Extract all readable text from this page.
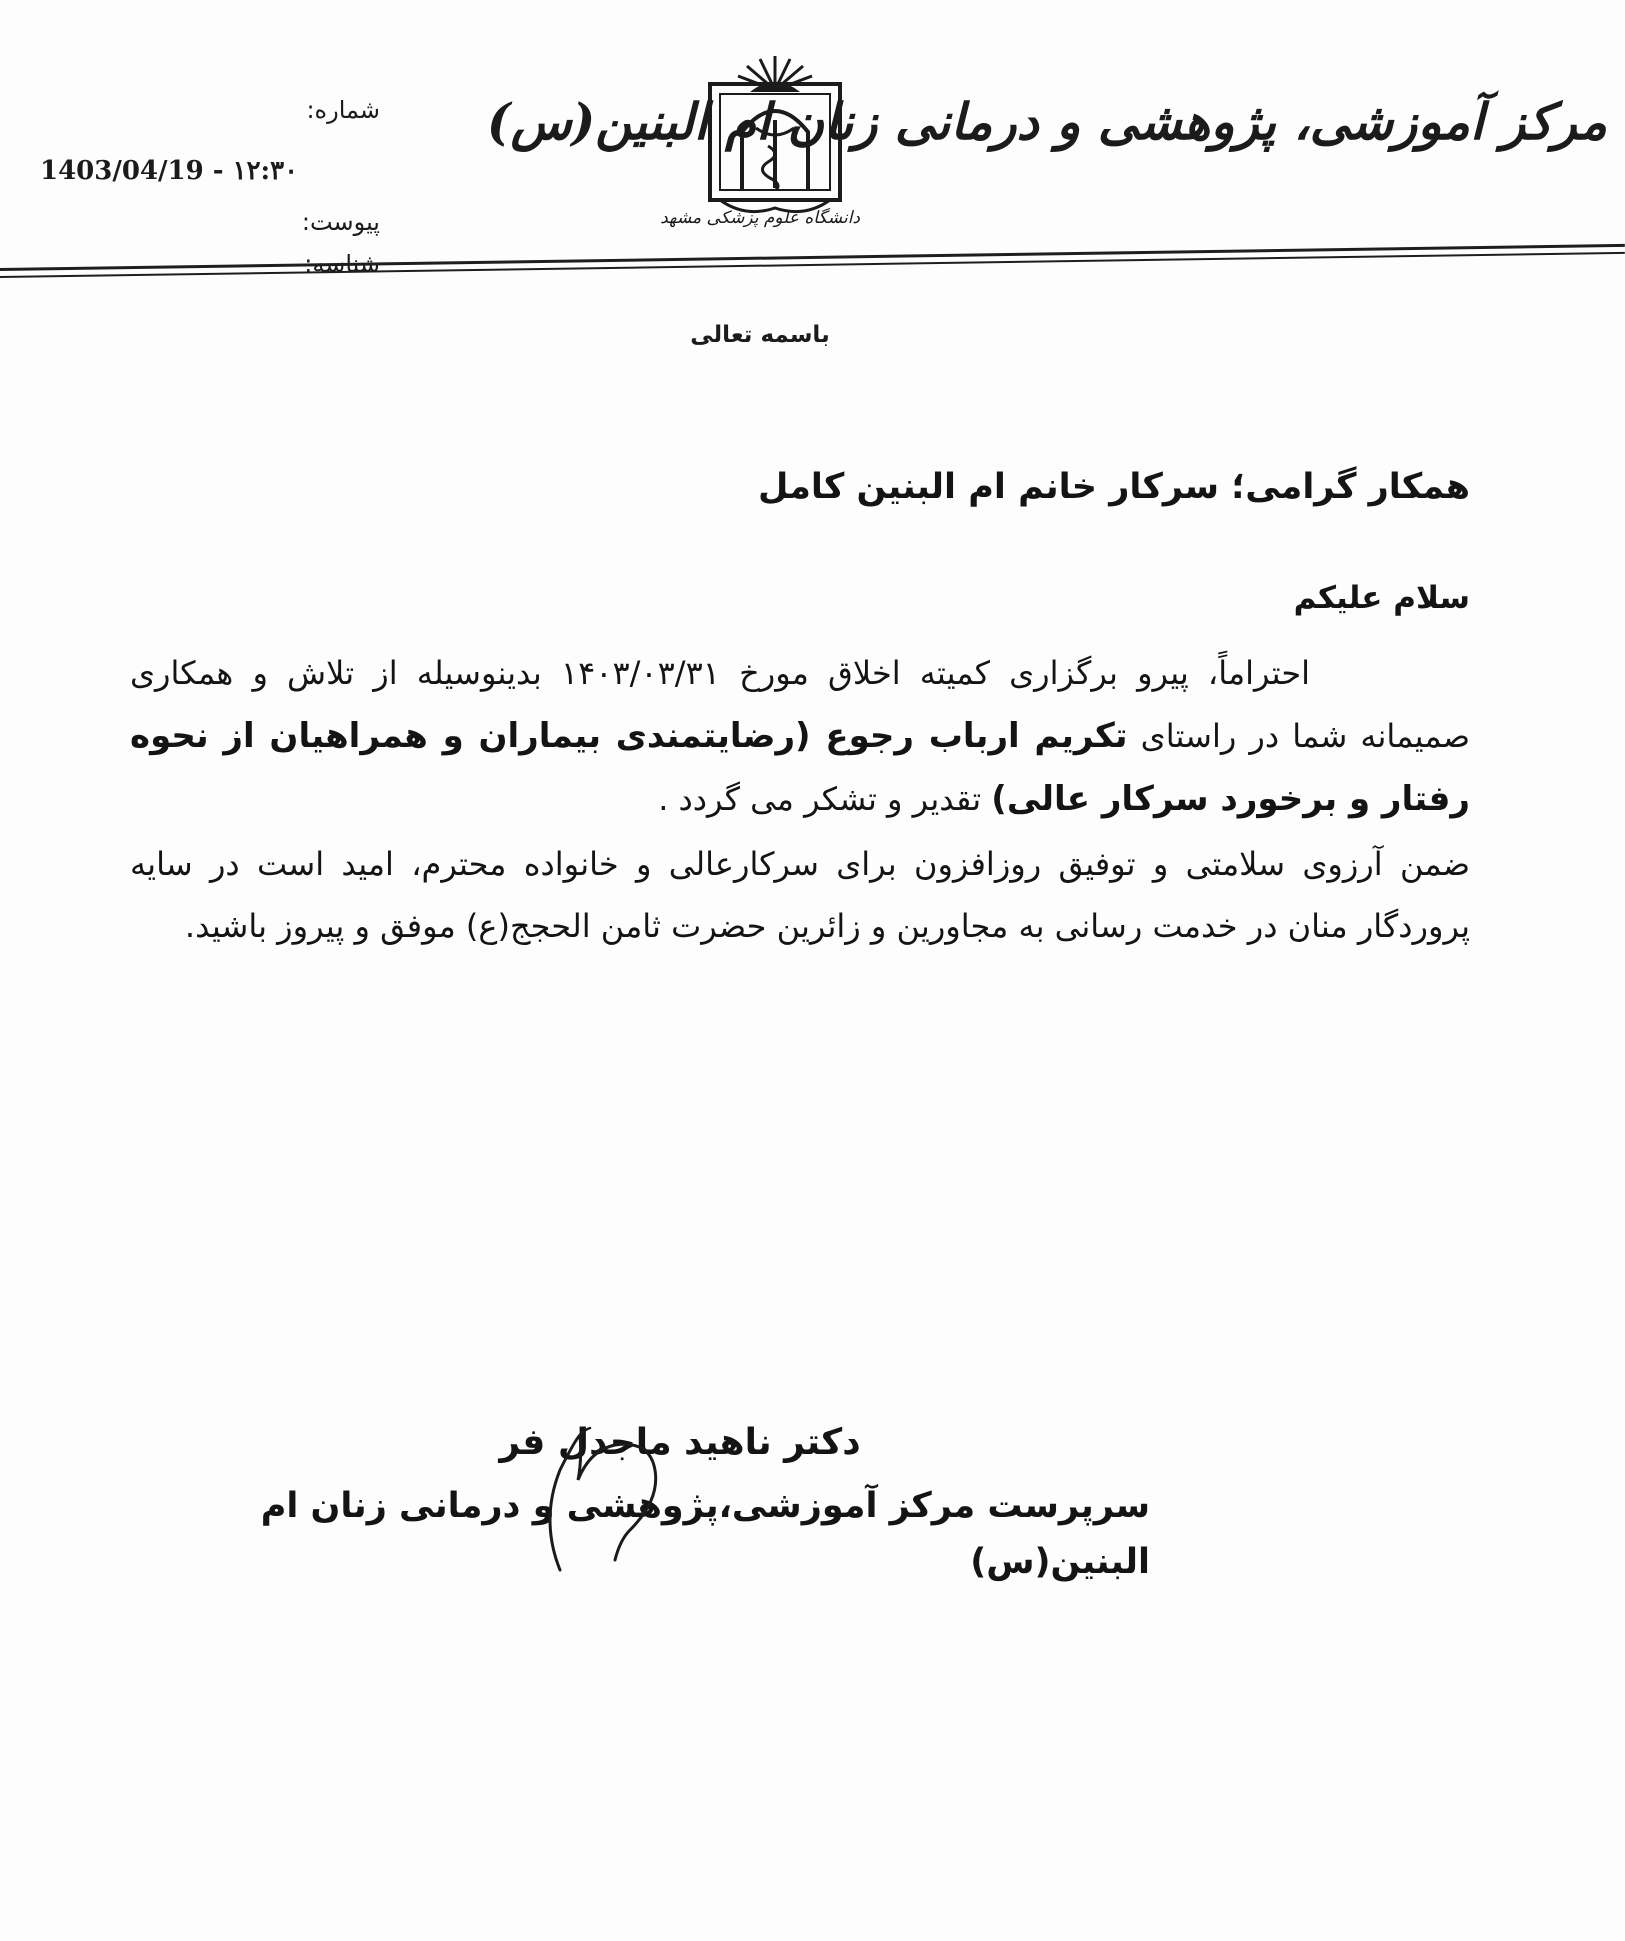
مرکز آموزشی، پژوهشی و درمانی زنان ام البنین(س)
دانشگاه علوم پزشکی مشهد
شماره:
1403/04/19 - ۱۲:۳۰
پیوست:
باسمه تعالی
همکار گرامی؛ سرکار خانم ام البنین کامل
سلام علیکم
احتراماً، پیرو برگزاری کمیته اخلاق مورخ ۱۴۰۳/۰۳/۳۱ بدینوسیله از تلاش و همکاری صمیمانه شما در راستای تکریم ارباب رجوع (رضایتمندی بیماران و همراهیان از نحوه رفتار و برخورد سرکار عالی) تقدیر و تشکر می گردد .
ضمن آرزوی سلامتی و توفیق روزافزون برای سرکارعالی و خانواده محترم، امید است در سایه پروردگار منان در خدمت رسانی به مجاورین و زائرین حضرت ثامن الحجج(ع) موفق و پیروز باشید.
دکتر ناهید ماجدل فر
سرپرست مرکز آموزشی،پژوهشی و درمانی زنان ام البنین(س)
